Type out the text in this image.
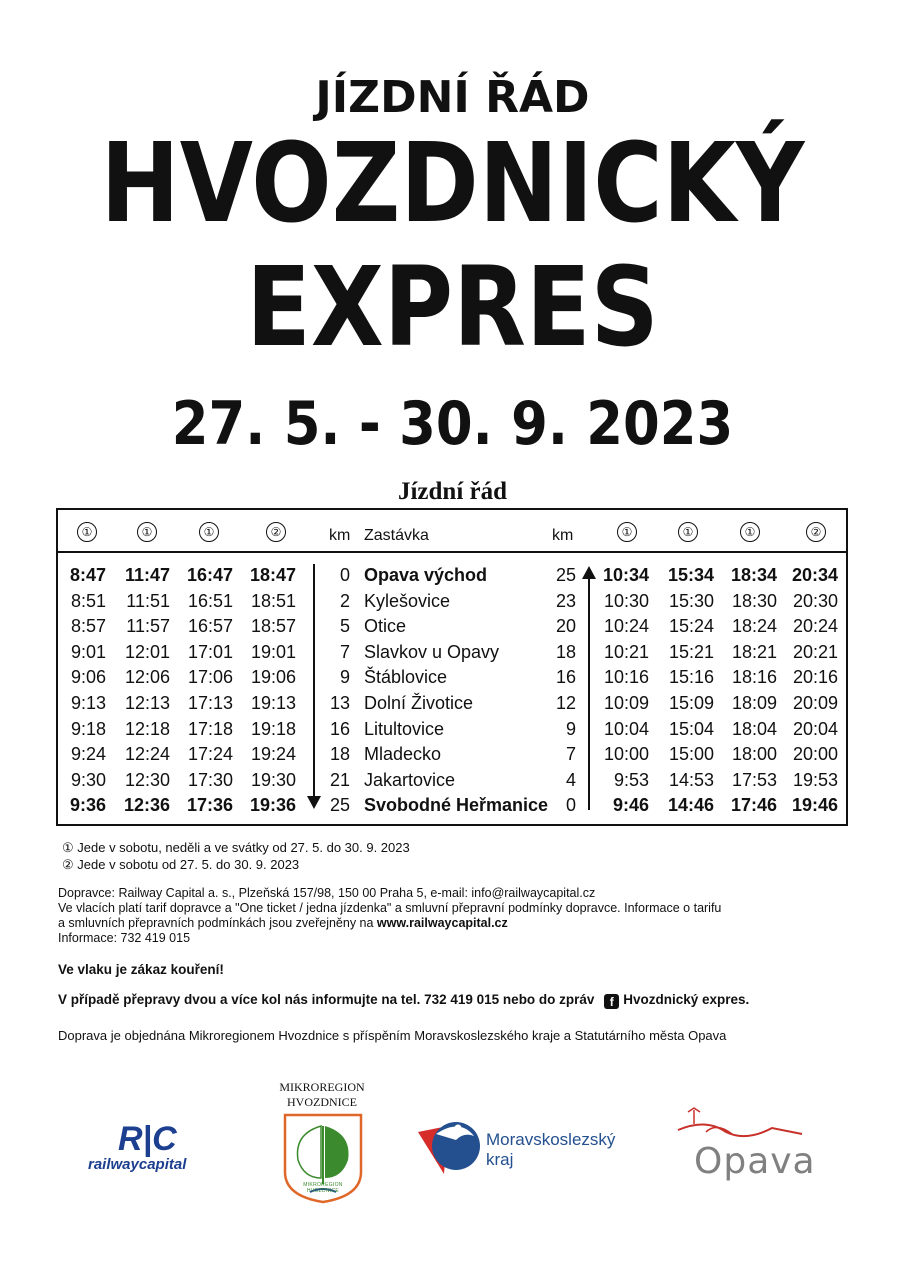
JÍZDNÍ ŘÁD
HVOZDNICKÝ
EXPRES
27. 5. - 30. 9. 2023
Jízdní řád
①	①	①	②	km Zastávka	km	①	①	①	②
8:47	11:47 16:47 18:47	0 Opava východ	25	10:34	15:34 18:34 20:34
8:51	11:51 16:51 18:51	2 Kylešovice	23	10:30	15:30 18:30 20:30
8:57	11:57 16:57 18:57	5 Otice	20	10:24	15:24 18:24 20:24
9:01	12:01 17:01 19:01	7 Slavkov u Opavy	18	10:21	15:21 18:21 20:21
9:06	12:06 17:06 19:06	9 Štáblovice	16	10:16	15:16 18:16 20:16
9:13	12:13 17:13 19:13	13 Dolní Životice	12	10:09	15:09 18:09 20:09
9:18	12:18 17:18 19:18	16 Litultovice	9	10:04	15:04 18:04 20:04
9:24	12:24 17:24 19:24	18 Mladecko	7	10:00	15:00 18:00 20:00
9:30	12:30 17:30 19:30	21 Jakartovice	4	9:53	14:53 17:53 19:53
9:36 12:36 17:36 19:36	25 Svobodné Heřmanice 0	9:46	14:46 17:46 19:46
① Jede v sobotu, neděli a ve svátky od 27. 5. do 30. 9. 2023
② Jede v sobotu od 27. 5. do 30. 9. 2023
Dopravce: Railway Capital a. s., Plzeňská 157/98, 150 00 Praha 5, e-mail: info@railwaycapital.cz
Ve vlacích platí tarif dopravce a "One ticket / jedna jízdenka" a smluvní přepravní podmínky dopravce. Informace o tarifu
a smluvních přepravních podmínkách jsou zveřejněny na www.railwaycapital.cz
Informace: 732 419 015
Ve vlaku je zákaz kouření!
V případě přepravy dvou a více kol nás informujte na tel. 732 419 015 nebo do zpráv f Hvozdnický expres.
Doprava je objednána Mikroregionem Hvozdnice s příspěním Moravskoslezského kraje a Statutárního města Opava
R|C
railwaycapital
MIKROREGION
HVOZDNICE
MIKROREGION HVOZDNICE
Moravskoslezský
kraj	Opava
